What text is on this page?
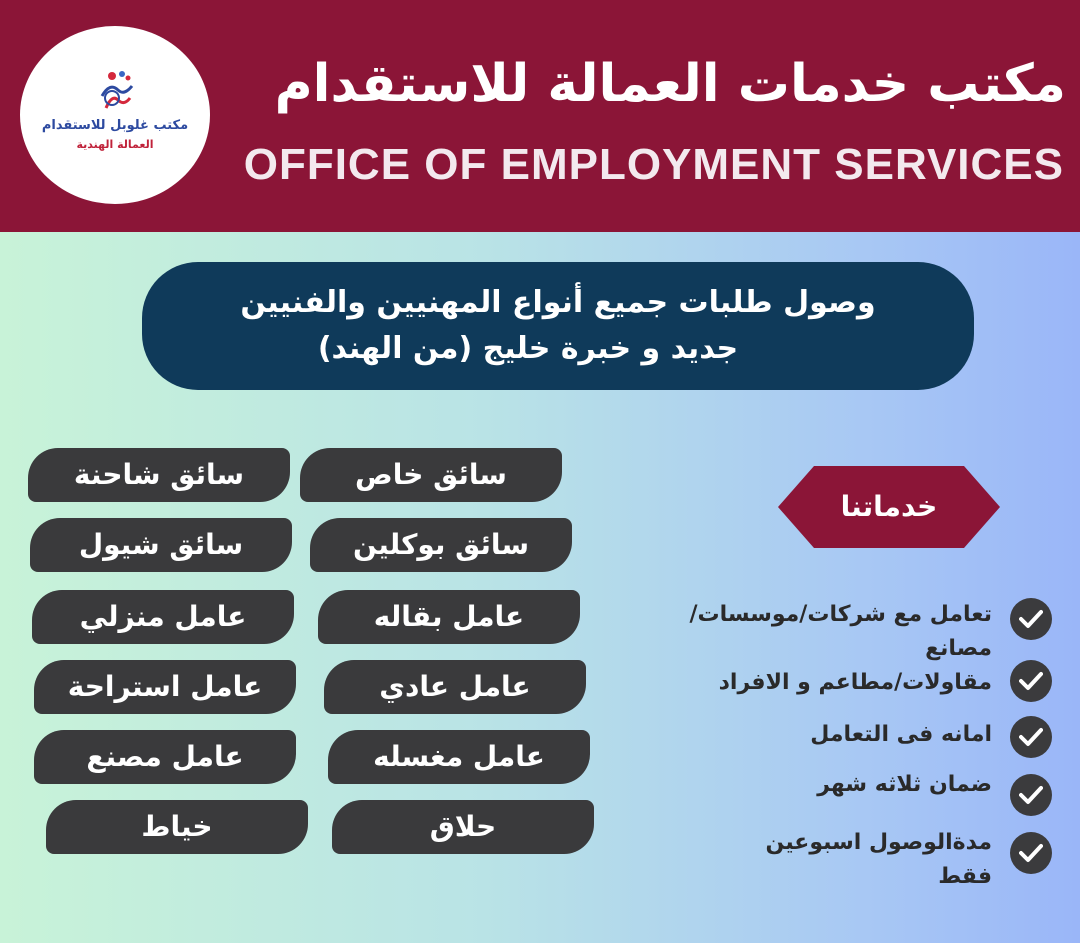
مكتب غلوبل للاستقدام
العمالة الهندية
مكتب خدمات العمالة للاستقدام
OFFICE OF EMPLOYMENT SERVICES
وصول طلبات جميع أنواع المهنيين والفنيين
جديد و خبرة خليج (من الهند)
سائق خاص
سائق بوكلين
عامل بقاله
عامل عادي
عامل مغسله
حلاق
سائق شاحنة
سائق شيول
عامل منزلي
عامل استراحة
عامل مصنع
خياط
خدماتنا
تعامل مع شركات/موسسات/
مصانع
مقاولات/مطاعم و الافراد
امانه فى التعامل
ضمان ثلاثه شهر
مدةالوصول اسبوعين
فقط
